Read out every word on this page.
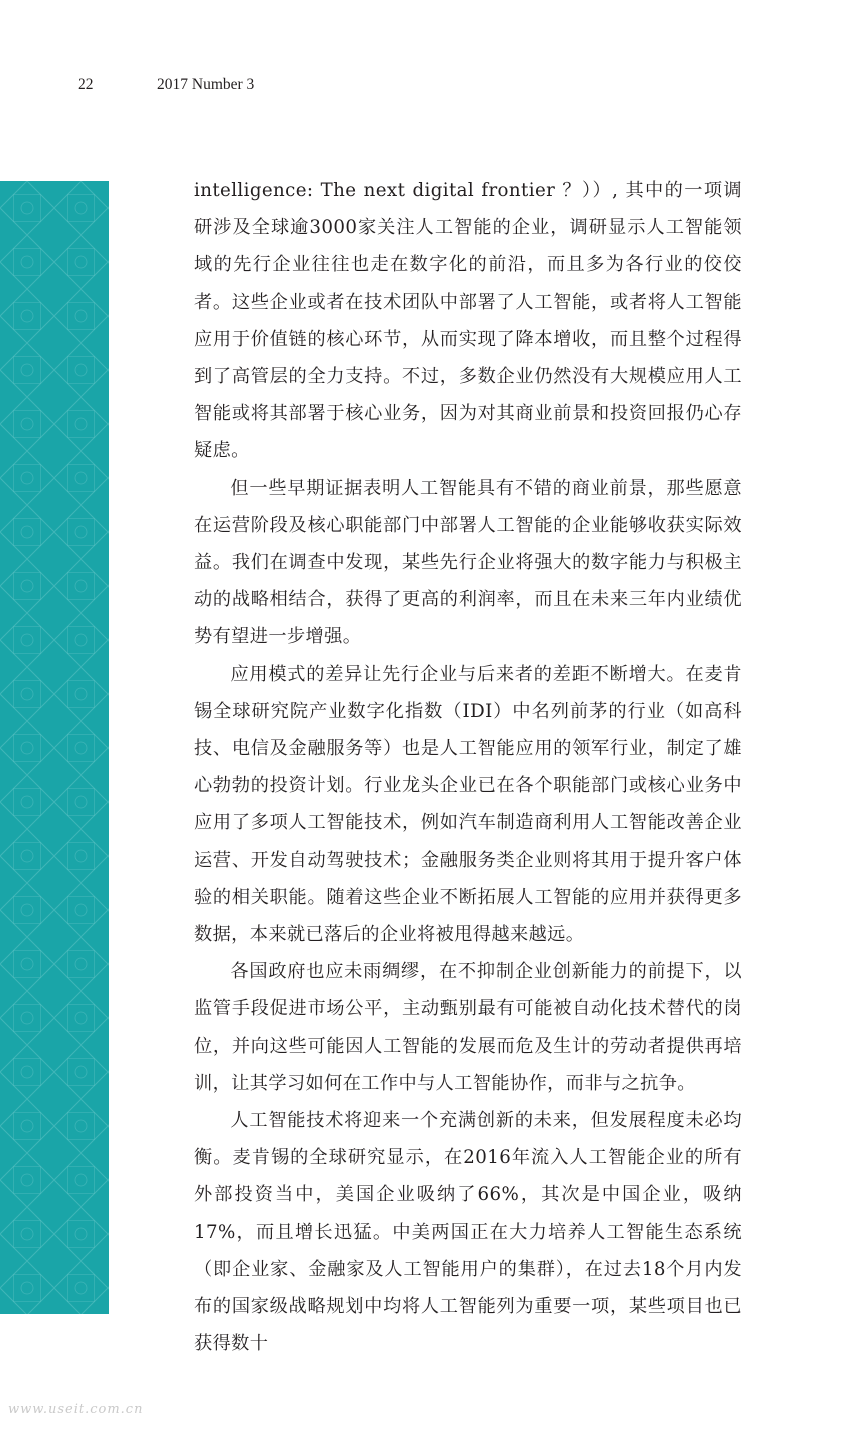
22	2017 Number 3

intelligence: The next digital frontier ？））, 其中的一项调研涉及全球逾3000家关注人工智能的企业，调研显示人工智能领域的先行企业往往也走在数字化的前沿，而且多为各行业的佼佼者。这些企业或者在技术团队中部署了人工智能，或者将人工智能应用于价值链的核心环节，从而实现了降本增收，而且整个过程得到了高管层的全力支持。不过，多数企业仍然没有大规模应用人工智能或将其部署于核心业务，因为对其商业前景和投资回报仍心存疑虑。

但一些早期证据表明人工智能具有不错的商业前景，那些愿意在运营阶段及核心职能部门中部署人工智能的企业能够收获实际效益。我们在调查中发现，某些先行企业将强大的数字能力与积极主动的战略相结合，获得了更高的利润率，而且在未来三年内业绩优势有望进一步增强。

应用模式的差异让先行企业与后来者的差距不断增大。在麦肯锡全球研究院产业数字化指数（IDI）中名列前茅的行业（如高科技、电信及金融服务等）也是人工智能应用的领军行业，制定了雄心勃勃的投资计划。行业龙头企业已在各个职能部门或核心业务中应用了多项人工智能技术，例如汽车制造商利用人工智能改善企业运营、开发自动驾驶技术；金融服务类企业则将其用于提升客户体验的相关职能。随着这些企业不断拓展人工智能的应用并获得更多数据，本来就已落后的企业将被甩得越来越远。

各国政府也应未雨绸缪，在不抑制企业创新能力的前提下，以监管手段促进市场公平，主动甄别最有可能被自动化技术替代的岗位，并向这些可能因人工智能的发展而危及生计的劳动者提供再培训，让其学习如何在工作中与人工智能协作，而非与之抗争。

人工智能技术将迎来一个充满创新的未来，但发展程度未必均衡。麦肯锡的全球研究显示，在2016年流入人工智能企业的所有外部投资当中，美国企业吸纳了66%，其次是中国企业，吸纳17%，而且增长迅猛。中美两国正在大力培养人工智能生态系统（即企业家、金融家及人工智能用户的集群），在过去18个月内发布的国家级战略规划中均将人工智能列为重要一项，某些项目也已获得数十

www.useit.com.cn
